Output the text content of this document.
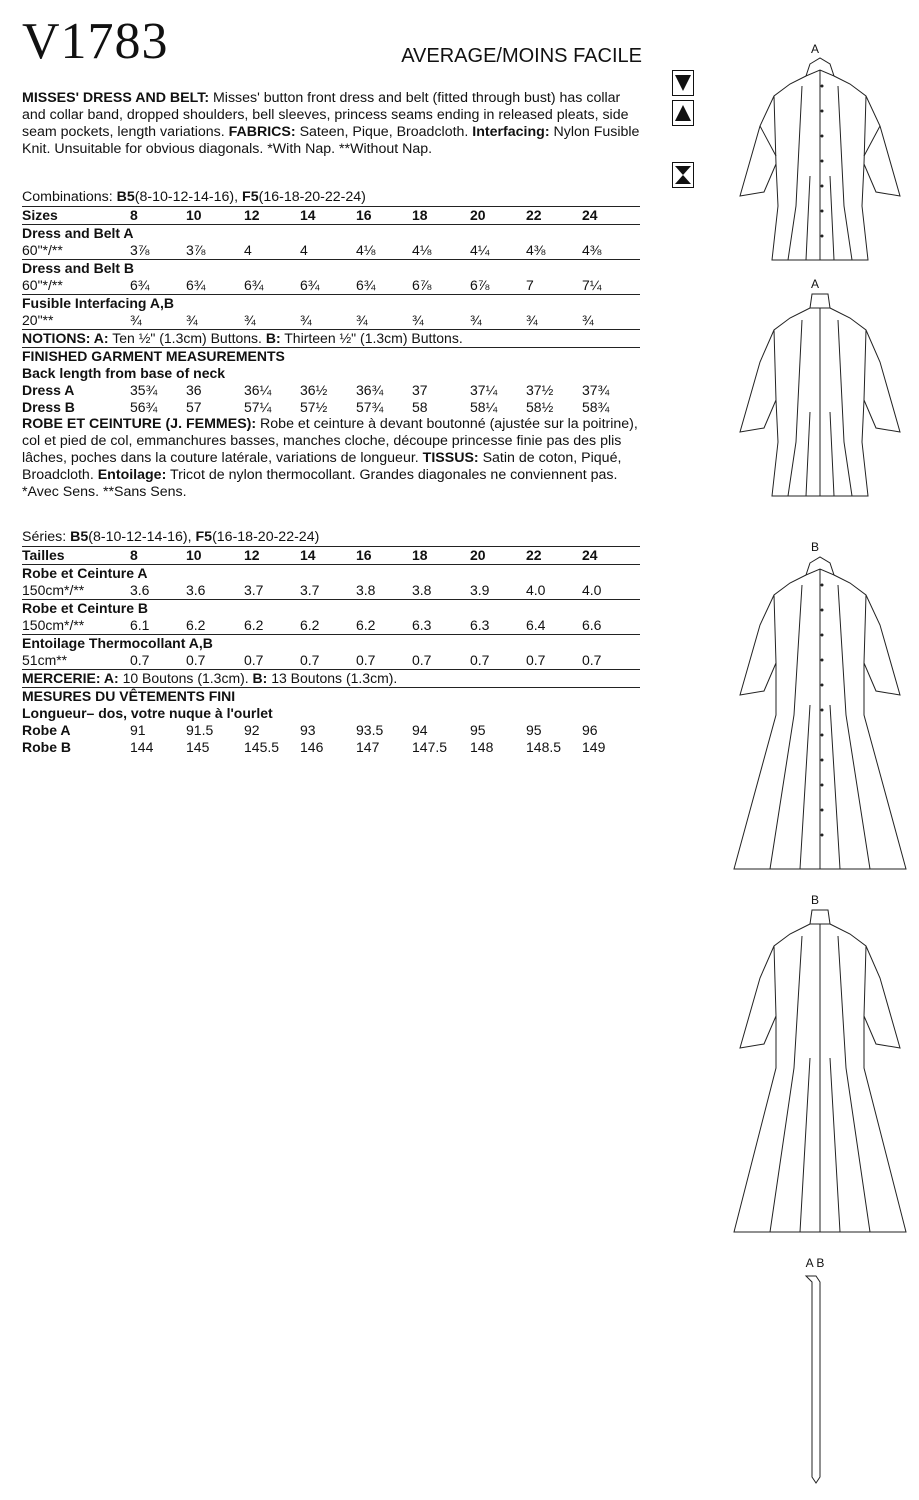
V1783	AVERAGE/MOINS FACILE
MISSES' DRESS AND BELT: Misses' button front dress and belt (fitted through bust) has collar and collar band, dropped shoulders, bell sleeves, princess seams ending in released pleats, side seam pockets, length variations. FABRICS: Sateen, Pique, Broadcloth. Interfacing: Nylon Fusible Knit. Unsuitable for obvious diagonals. *With Nap. **Without Nap.
Combinations: B5(8-10-12-14-16), F5(16-18-20-22-24)
Sizes	8	10	12	14	16	18	20	22	24
Dress and Belt A
60"*/**	3⅞	3⅞	4	4	4⅛	4⅛	4¼	4⅜	4⅜
Dress and Belt B
60"*/**	6¾	6¾	6¾	6¾	6¾	6⅞	6⅞	7	7¼
Fusible Interfacing A,B
20"**	¾	¾	¾	¾	¾	¾	¾	¾	¾
NOTIONS: A: Ten ½" (1.3cm) Buttons. B: Thirteen ½" (1.3cm) Buttons.
FINISHED GARMENT MEASUREMENTS
Back length from base of neck
Dress A	35¾ 36	36¼ 36½ 36¾ 37	37¼ 37½ 37¾
Dress B	56¾ 57	57¼ 57½ 57¾ 58	58¼ 58½ 58¾
ROBE ET CEINTURE (J. FEMMES): Robe et ceinture à devant boutonné (ajustée sur la poitrine), col et pied de col, emmanchures basses, manches cloche, découpe princesse finie pas des plis lâches, poches dans la couture latérale, variations de longueur. TISSUS: Satin de coton, Piqué, Broadcloth. Entoilage: Tricot de nylon thermocollant. Grandes diagonales ne conviennent pas. *Avec Sens. **Sans Sens.
Séries: B5(8-10-12-14-16), F5(16-18-20-22-24)
Tailles	8	10	12	14	16	18	20	22	24
Robe et Ceinture A
150cm*/**	3.6	3.6	3.7	3.7	3.8	3.8	3.9	4.0	4.0
Robe et Ceinture B
150cm*/**	6.1	6.2	6.2	6.2	6.2	6.3	6.3	6.4	6.6
Entoilage Thermocollant A,B
51cm**	0.7	0.7	0.7	0.7	0.7	0.7	0.7	0.7	0.7
MERCERIE: A: 10 Boutons (1.3cm). B: 13 Boutons (1.3cm).
MESURES DU VÊTEMENTS FINI
Longueur– dos, votre nuque à l'ourlet
Robe A	91	91.5 92	93	93.5 94	95	95	96
Robe B	144 145 145.5 146 147 147.5 148 148.5 149
A
A
B
B
A B
